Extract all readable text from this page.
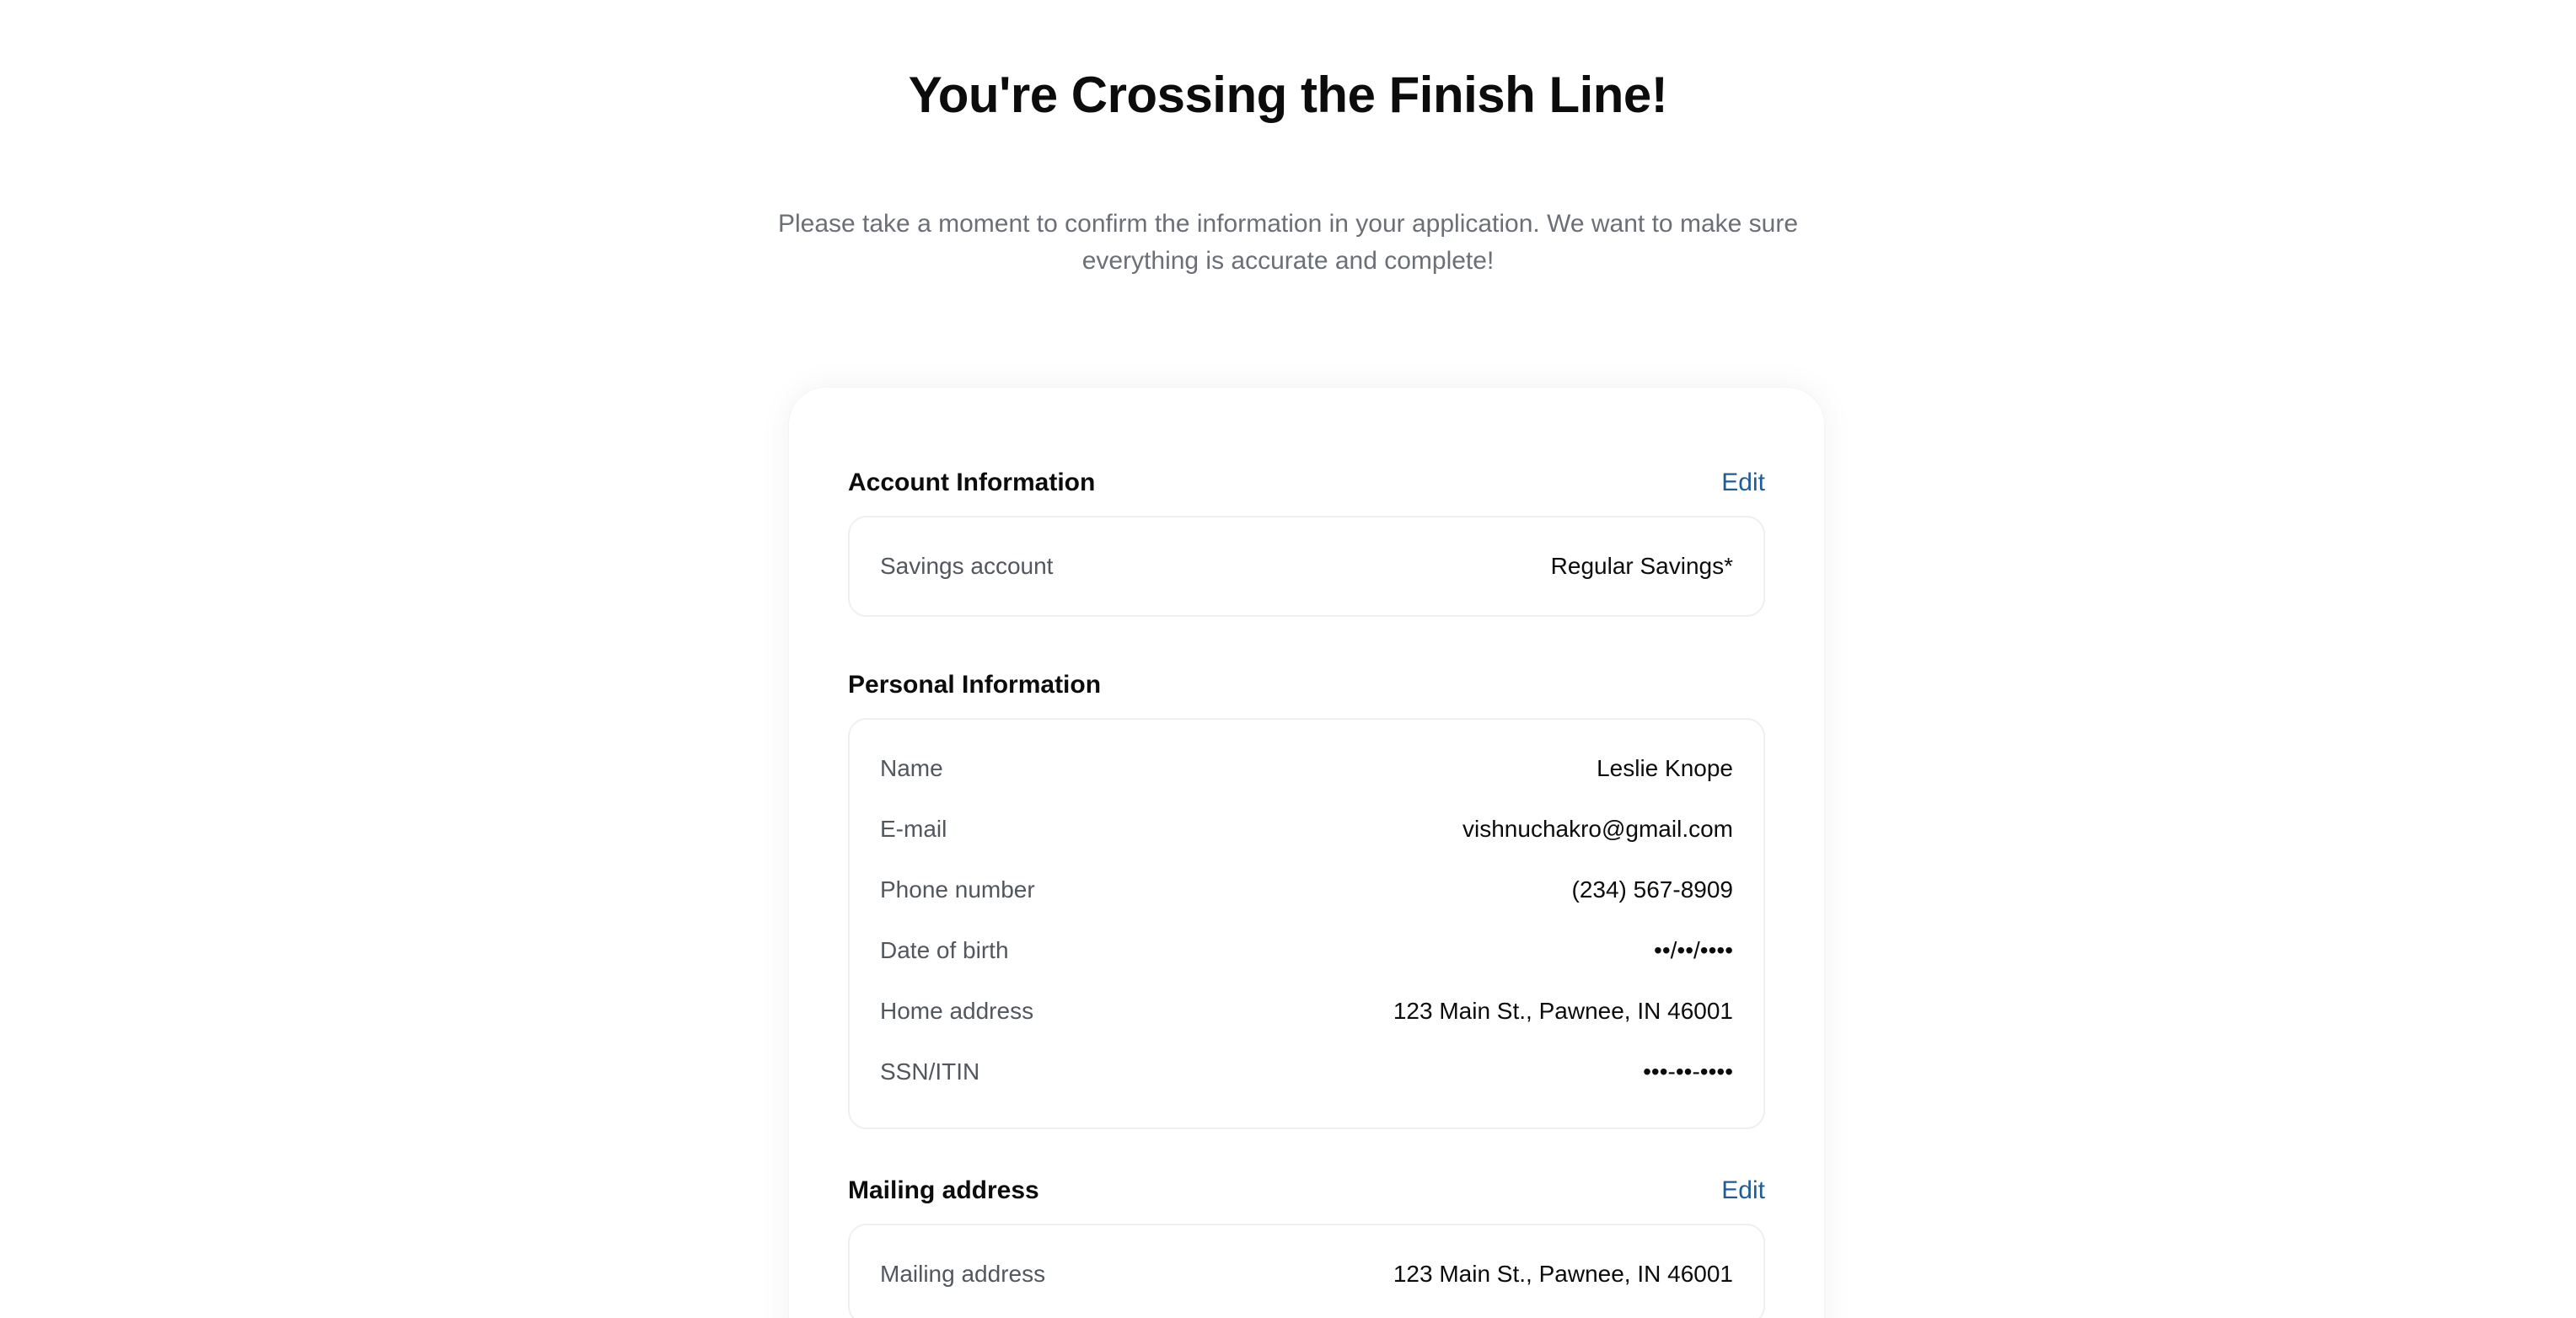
You're Crossing the Finish Line!

Please take a moment to confirm the information in your application. We want to make sure everything is accurate and complete!

Account Information	Edit
Savings account	Regular Savings*
Personal Information
Name	Leslie Knope
E-mail	vishnuchakro@gmail.com
Phone number	(234) 567-8909
Date of birth	••/••/••••
Home address	123 Main St., Pawnee, IN 46001
SSN/ITIN	•••-••-••••
Mailing address	Edit
Mailing address	123 Main St., Pawnee, IN 46001
